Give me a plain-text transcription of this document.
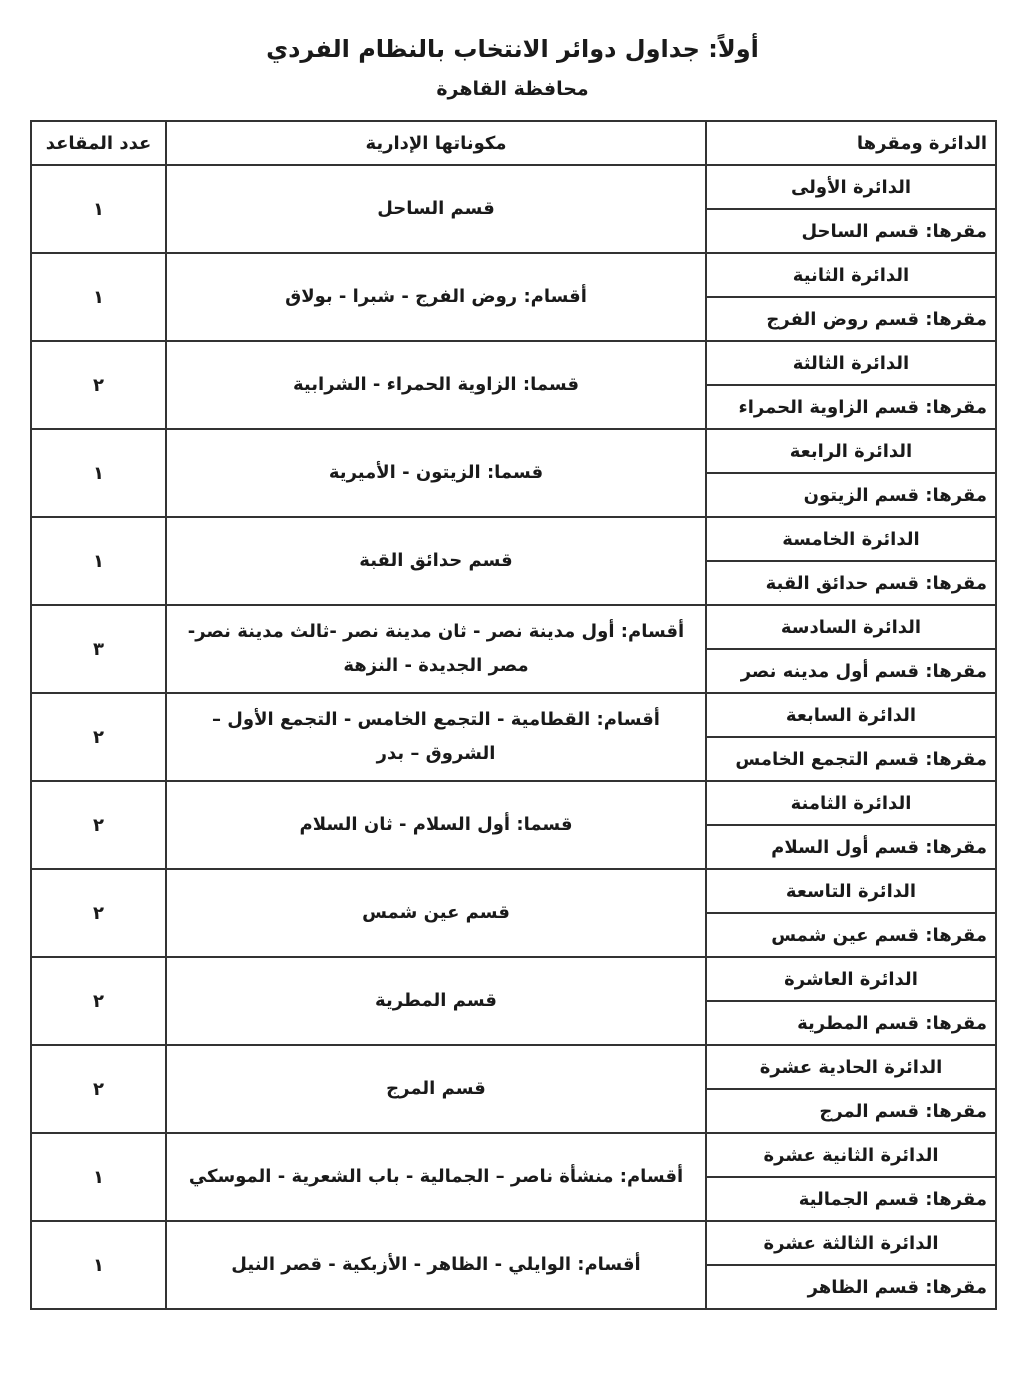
أولاً: جداول دوائر الانتخاب بالنظام الفردي
محافظة القاهرة
الدائرة ومقرها	مكوناتها الإدارية	عدد المقاعد
الدائرة الأولى	قسم الساحل	١
مقرها: قسم الساحل		
الدائرة الثانية	أقسام: روض الفرج - شبرا - بولاق	١
مقرها: قسم روض الفرج		
الدائرة الثالثة	قسما: الزاوية الحمراء - الشرابية	٢
مقرها: قسم الزاوية الحمراء		
الدائرة الرابعة	قسما: الزيتون - الأميرية	١
مقرها: قسم الزيتون		
الدائرة الخامسة	قسم حدائق القبة	١
مقرها: قسم حدائق القبة		
الدائرة السادسة	أقسام: أول مدينة نصر - ثان مدينة نصر -ثالث مدينة نصر- مصر الجديدة - النزهة	٣
مقرها: قسم أول مدينه نصر		
الدائرة السابعة	أقسام: القطامية - التجمع الخامس - التجمع الأول – الشروق – بدر	٢
مقرها: قسم التجمع الخامس		
الدائرة الثامنة	قسما: أول السلام - ثان السلام	٢
مقرها: قسم أول السلام		
الدائرة التاسعة	قسم عين شمس	٢
مقرها: قسم عين شمس		
الدائرة العاشرة	قسم المطرية	٢
مقرها: قسم المطرية		
الدائرة الحادية عشرة	قسم المرج	٢
مقرها: قسم المرج		
الدائرة الثانية عشرة	أقسام: منشأة ناصر – الجمالية - باب الشعرية - الموسكي	١
مقرها: قسم الجمالية		
الدائرة الثالثة عشرة	أقسام: الوايلي - الظاهر - الأزبكية - قصر النيل	١
مقرها: قسم الظاهر		
